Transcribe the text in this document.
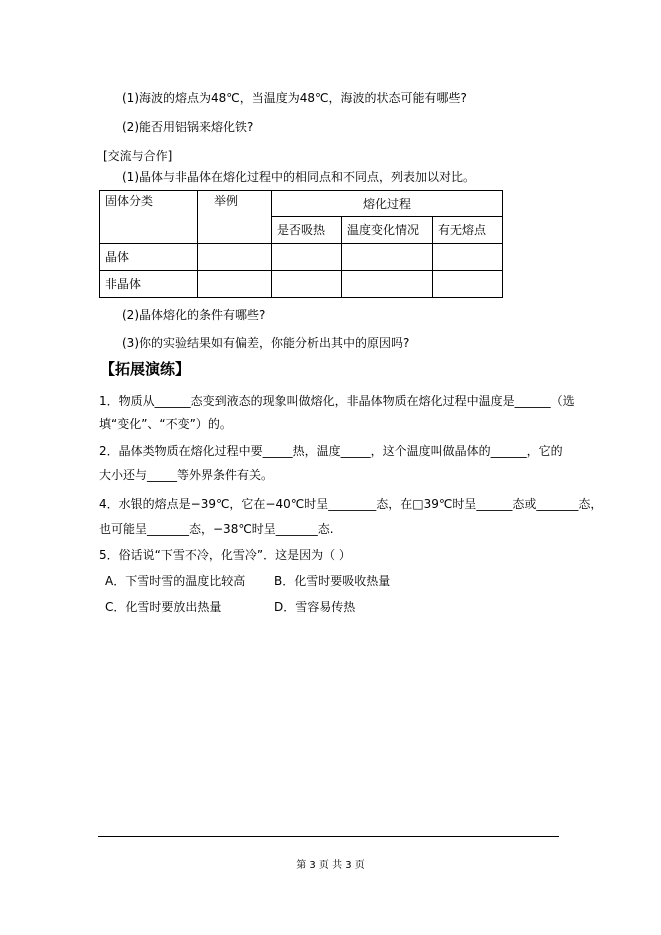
(1)海波的熔点为48℃，当温度为48℃，海波的状态可能有哪些?
(2)能否用铝锅来熔化铁?
[交流与合作]
(1)晶体与非晶体在熔化过程中的相同点和不同点，列表加以对比。
固体分类	举例	熔化过程		
		是否吸热	温度变化情况	有无熔点
晶体				
非晶体				
(2)晶体熔化的条件有哪些?
(3)你的实验结果如有偏差，你能分析出其中的原因吗?
【拓展演练】
1．物质从______态变到液态的现象叫做熔化，非晶体物质在熔化过程中温度是______（选
填“变化”、“不变”）的。
2．晶体类物质在熔化过程中要_____热，温度_____，这个温度叫做晶体的______，它的
大小还与_____等外界条件有关。
4．水银的熔点是−39℃，它在−40℃时呈________态，在□39℃时呈______态或_______态，
也可能呈_______态，−38℃时呈_______态.
5．俗话说“下雪不冷，化雪冷”．这是因为（ ）
A．下雪时雪的温度比较高 B．化雪时要吸收热量
C．化雪时要放出热量	D．雪容易传热
第 3 页 共 3 页
